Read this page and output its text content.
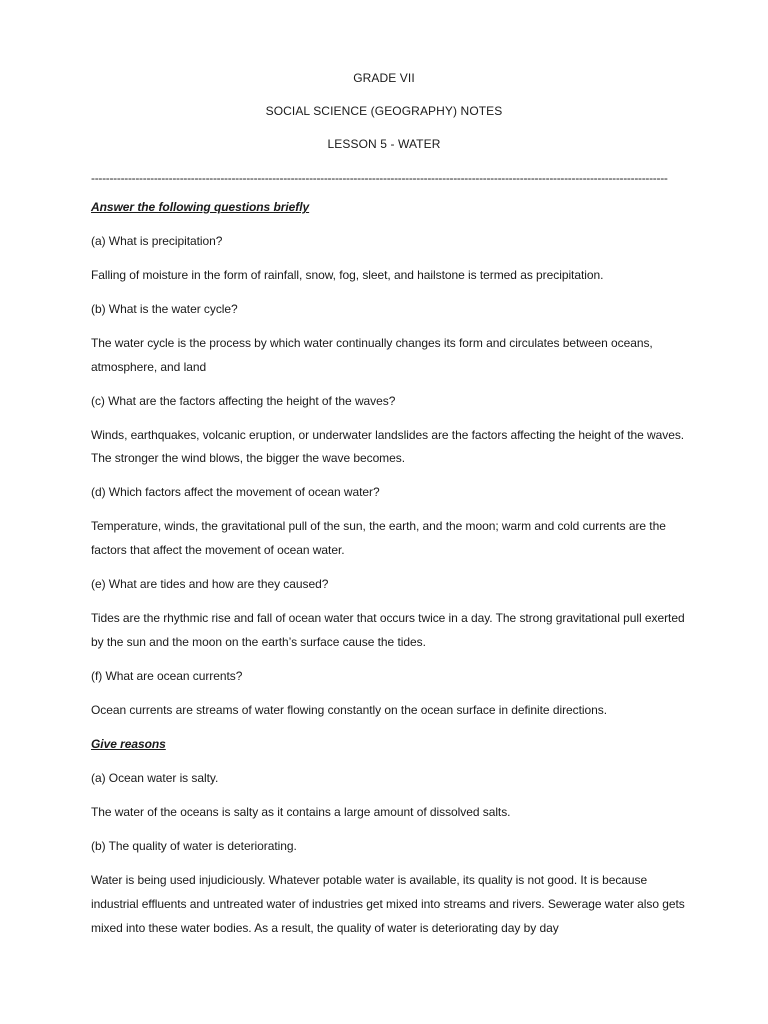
GRADE VII
SOCIAL SCIENCE (GEOGRAPHY) NOTES
LESSON 5 - WATER
------------------------------------------------------------------------------------------------------------------------------------------------------------
Answer the following questions briefly
(a) What is precipitation?
Falling of moisture in the form of rainfall, snow, fog, sleet, and hailstone is termed as precipitation.
(b) What is the water cycle?
The water cycle is the process by which water continually changes its form and circulates between oceans,
atmosphere, and land
(c) What are the factors affecting the height of the waves?
Winds, earthquakes, volcanic eruption, or underwater landslides are the factors affecting the height of the waves.
The stronger the wind blows, the bigger the wave becomes.
(d) Which factors affect the movement of ocean water?
Temperature, winds, the gravitational pull of the sun, the earth, and the moon; warm and cold currents are the
factors that affect the movement of ocean water.
(e) What are tides and how are they caused?
Tides are the rhythmic rise and fall of ocean water that occurs twice in a day. The strong gravitational pull exerted
by the sun and the moon on the earth’s surface cause the tides.
(f) What are ocean currents?
Ocean currents are streams of water flowing constantly on the ocean surface in definite directions.
Give reasons
(a) Ocean water is salty.
The water of the oceans is salty as it contains a large amount of dissolved salts.
(b) The quality of water is deteriorating.
Water is being used injudiciously. Whatever potable water is available, its quality is not good. It is because
industrial effluents and untreated water of industries get mixed into streams and rivers. Sewerage water also gets
mixed into these water bodies. As a result, the quality of water is deteriorating day by day
